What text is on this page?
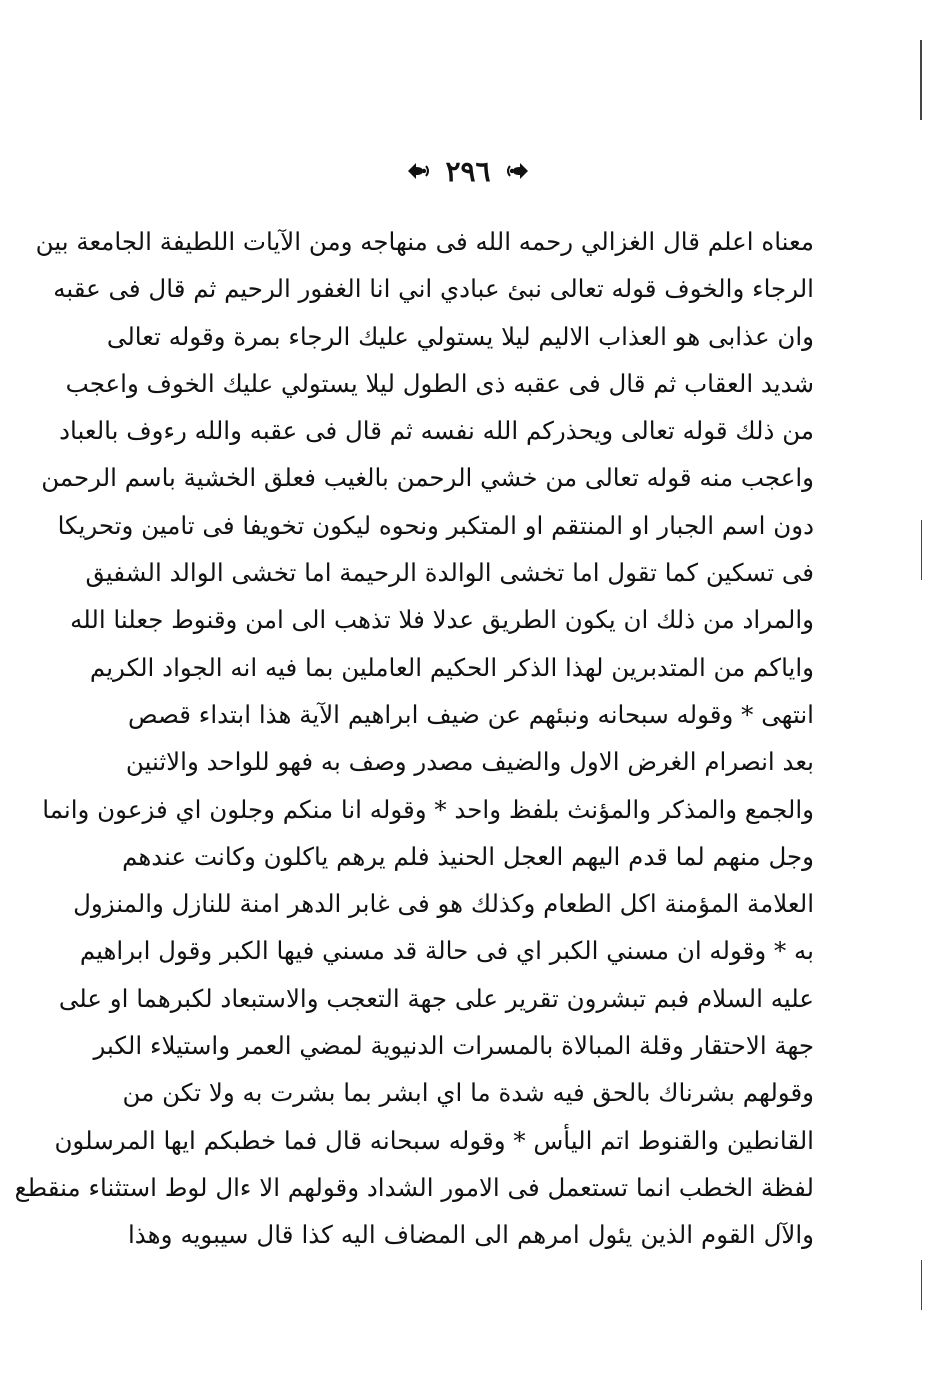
٢٩٦
معناه اعلم قال الغزالي رحمه الله فى منهاجه ومن الآيات اللطيفة الجامعة بين
الرجاء والخوف قوله تعالى نبئ عبادي اني انا الغفور الرحيم ثم قال فى عقبه
وان عذابى هو العذاب الاليم ليلا يستولي عليك الرجاء بمرة وقوله تعالى
شديد العقاب ثم قال فى عقبه ذى الطول ليلا يستولي عليك الخوف واعجب
من ذلك قوله تعالى ويحذركم الله نفسه ثم قال فى عقبه والله رءوف بالعباد
واعجب منه قوله تعالى من خشي الرحمن بالغيب فعلق الخشية باسم الرحمن
دون اسم الجبار او المنتقم او المتكبر ونحوه ليكون تخويفا فى تامين وتحريكا
فى تسكين كما تقول اما تخشى الوالدة الرحيمة اما تخشى الوالد الشفيق
والمراد من ذلك ان يكون الطريق عدلا فلا تذهب الى امن وقنوط جعلنا الله
واياكم من المتدبرين لهذا الذكر الحكيم العاملين بما فيه انه الجواد الكريم
انتهى * وقوله سبحانه ونبئهم عن ضيف ابراهيم الآية هذا ابتداء قصص
بعد انصرام الغرض الاول والضيف مصدر وصف به فهو للواحد والاثنين
والجمع والمذكر والمؤنث بلفظ واحد * وقوله انا منكم وجلون اي فزعون وانما
وجل منهم لما قدم اليهم العجل الحنيذ فلم يرهم ياكلون وكانت عندهم
العلامة المؤمنة اكل الطعام وكذلك هو فى غابر الدهر امنة للنازل والمنزول
به * وقوله ان مسني الكبر اي فى حالة قد مسني فيها الكبر وقول ابراهيم
عليه السلام فبم تبشرون تقرير على جهة التعجب والاستبعاد لكبرهما او على
جهة الاحتقار وقلة المبالاة بالمسرات الدنيوية لمضي العمر واستيلاء الكبر
وقولهم بشرناك بالحق فيه شدة ما اي ابشر بما بشرت به ولا تكن من
القانطين والقنوط اتم اليأس * وقوله سبحانه قال فما خطبكم ايها المرسلون
لفظة الخطب انما تستعمل فى الامور الشداد وقولهم الا ءال لوط استثناء منقطع
والآل القوم الذين يئول امرهم الى المضاف اليه كذا قال سيبويه وهذا
